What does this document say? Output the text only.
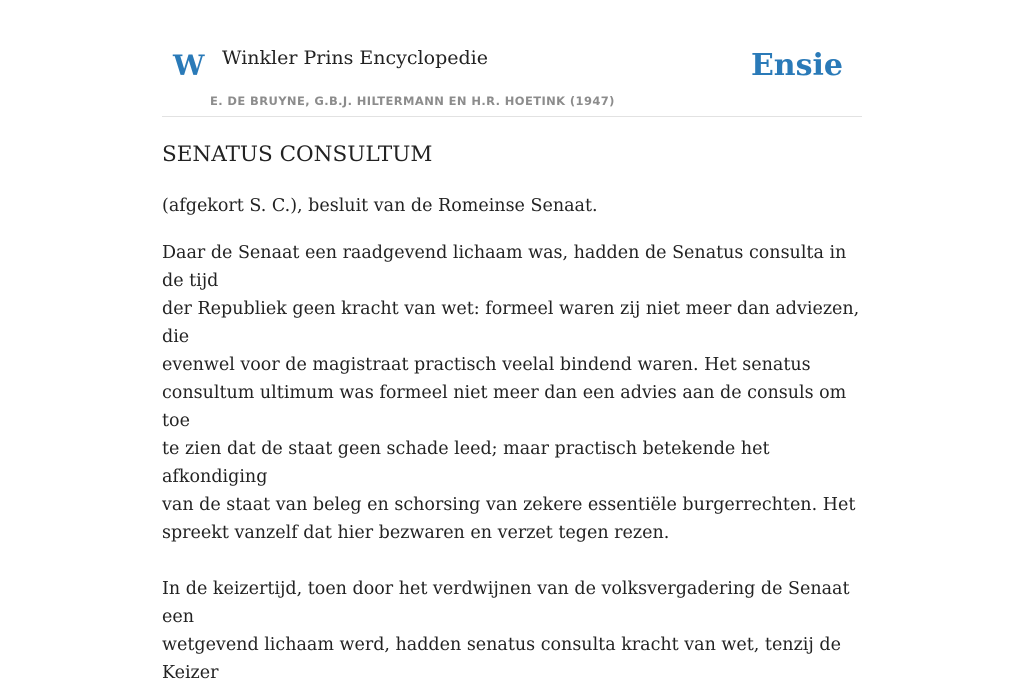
W Winkler Prins Encyclopedie
E. DE BRUYNE, G.B.J. HILTERMANN EN H.R. HOETINK (1947)
Ensie
SENATUS CONSULTUM

(afgekort S. C.), besluit van de Romeinse Senaat.

Daar de Senaat een raadgevend lichaam was, hadden de Senatus consulta in de tijd
der Republiek geen kracht van wet: formeel waren zij niet meer dan adviezen, die
evenwel voor de magistraat practisch veelal bindend waren. Het senatus
consultum ultimum was formeel niet meer dan een advies aan de consuls om toe
te zien dat de staat geen schade leed; maar practisch betekende het afkondiging
van de staat van beleg en schorsing van zekere essentiële burgerrechten. Het
spreekt vanzelf dat hier bezwaren en verzet tegen rezen.

In de keizertijd, toen door het verdwijnen van de volksvergadering de Senaat een
wetgevend lichaam werd, hadden senatus consulta kracht van wet, tenzij de Keizer
